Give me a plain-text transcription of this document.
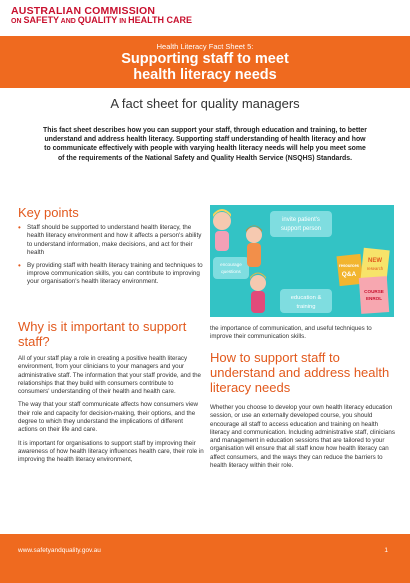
AUSTRALIAN COMMISSION
ON SAFETY AND QUALITY IN HEALTH CARE
Health Literacy Fact Sheet 5:
Supporting staff to meet
health literacy needs
A fact sheet for quality managers

This fact sheet describes how you can support your staff, through education and training, to better understand and address health literacy. Supporting staff understanding of health literacy and how to communicate effectively with people with varying health literacy needs will help you meet some of the requirements of the National Safety and Quality Health Service (NSQHS) Standards.

Key points
• Staff should be supported to understand health literacy, the health literacy environment and how it affects a person's ability to understand information, make decisions, and act for their health
• By providing staff with health literacy training and techniques to improve communication skills, you can contribute to improving your organisation's health literacy environment.
invite patient's
support person
encourage
questions
education &
training
resources
Q&A
NEW
research
COURSE
ENROL
Why is it important to support staff?

All of your staff play a role in creating a positive health literacy environment, from your clinicians to your managers and your administrative staff. The information that your staff provide, and the relationships that they build with consumers contribute to consumers' understanding of their health and health care.

The way that your staff communicate affects how consumers view their role and capacity for decision-making, their options, and the degree to which they understand the implications of different actions on their life and care.

It is important for organisations to support staff by improving their awareness of how health literacy influences health care, their role in improving the health literacy environment,

the importance of communication, and useful techniques to improve their communication skills.

How to support staff to understand and address health literacy needs

Whether you choose to develop your own health literacy education session, or use an externally developed course, you should encourage all staff to access education and training on health literacy and communication. Including administrative staff, clinicians and management in education sessions that are tailored to your organisation will ensure that all staff know how health literacy can affect consumers, and the ways they can reduce the barriers to health literacy within their role.

www.safetyandquality.gov.au	1
